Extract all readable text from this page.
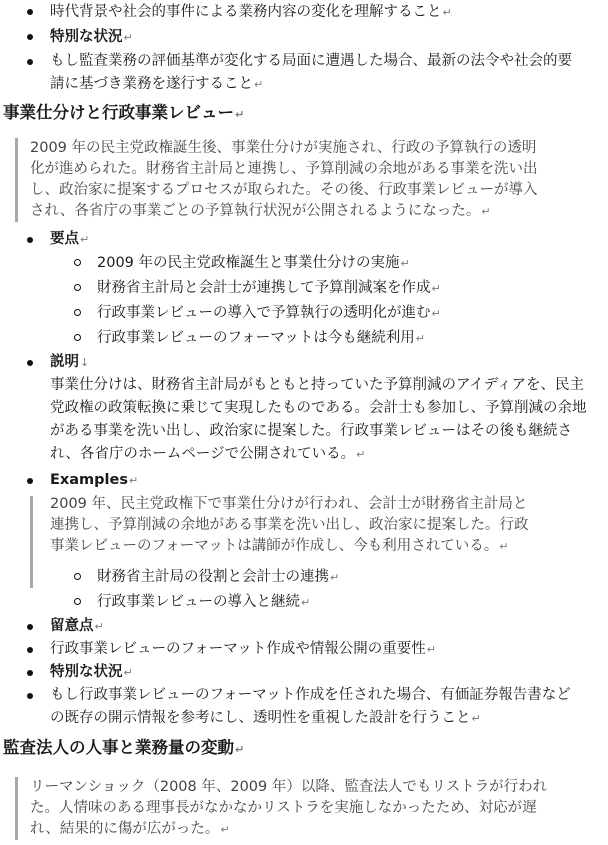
時代背景や社会的事件による業務内容の変化を理解すること↵
特別な状況↵
もし監査業務の評価基準が変化する局面に遭遇した場合、最新の法令や社会的要請に基づき業務を遂行すること↵
事業仕分けと行政事業レビュー↵
2009 年の民主党政権誕生後、事業仕分けが実施され、行政の予算執行の透明化が進められた。財務省主計局と連携し、予算削減の余地がある事業を洗い出し、政治家に提案するプロセスが取られた。その後、行政事業レビューが導入され、各省庁の事業ごとの予算執行状況が公開されるようになった。↵
要点↵
2009 年の民主党政権誕生と事業仕分けの実施↵
財務省主計局と会計士が連携して予算削減案を作成↵
行政事業レビューの導入で予算執行の透明化が進む↵
行政事業レビューのフォーマットは今も継続利用↵
説明↓
事業仕分けは、財務省主計局がもともと持っていた予算削減のアイディアを、民主党政権の政策転換に乗じて実現したものである。会計士も参加し、予算削減の余地がある事業を洗い出し、政治家に提案した。行政事業レビューはその後も継続され、各省庁のホームページで公開されている。↵
Examples↵
2009 年、民主党政権下で事業仕分けが行われ、会計士が財務省主計局と連携し、予算削減の余地がある事業を洗い出し、政治家に提案した。行政事業レビューのフォーマットは講師が作成し、今も利用されている。↵
財務省主計局の役割と会計士の連携↵
行政事業レビューの導入と継続↵
留意点↵
行政事業レビューのフォーマット作成や情報公開の重要性↵
特別な状況↵
もし行政事業レビューのフォーマット作成を任された場合、有価証券報告書などの既存の開示情報を参考にし、透明性を重視した設計を行うこと↵
監査法人の人事と業務量の変動↵
リーマンショック（2008 年、2009 年）以降、監査法人でもリストラが行われた。人情味のある理事長がなかなかリストラを実施しなかったため、対応が遅れ、結果的に傷が広がった。↵
